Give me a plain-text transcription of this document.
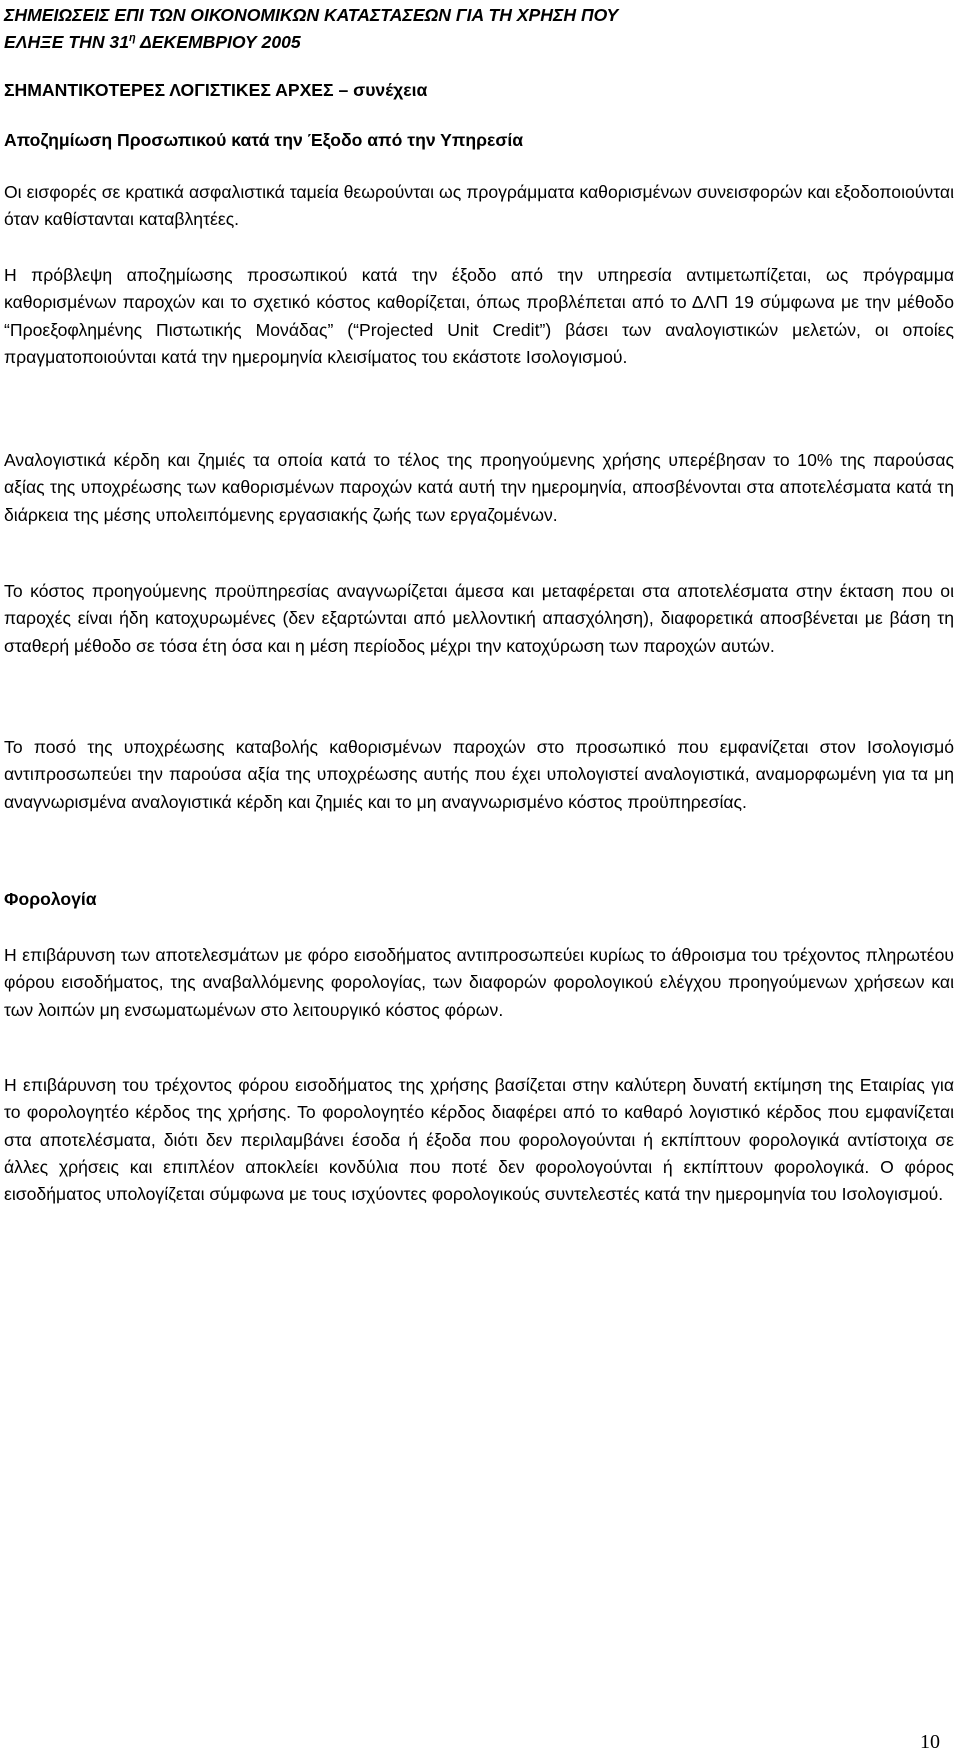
ΣΗΜΕΙΩΣΕΙΣ ΕΠΙ ΤΩΝ ΟΙΚΟΝΟΜΙΚΩΝ ΚΑΤΑΣΤΑΣΕΩΝ ΓΙΑ ΤΗ ΧΡΗΣΗ ΠΟΥ
ΕΛΗΞΕ ΤΗΝ $31^\eta$ ΔΕΚΕΜΒΡΙΟΥ 2005

ΣΗΜΑΝΤΙΚΟΤΕΡΕΣ ΛΟΓΙΣΤΙΚΕΣ ΑΡΧΕΣ – συνέχεια

Αποζημίωση Προσωπικού κατά την Έξοδο από την Υπηρεσία

Οι εισφορές σε κρατικά ασφαλιστικά ταμεία θεωρούνται ως προγράμματα καθορισμένων συνεισφορών και εξοδοποιούνται όταν καθίστανται καταβλητέες.

Η πρόβλεψη αποζημίωσης προσωπικού κατά την έξοδο από την υπηρεσία αντιμετωπίζεται, ως πρόγραμμα καθορισμένων παροχών και το σχετικό κόστος καθορίζεται, όπως προβλέπεται από το ΔΛΠ 19 σύμφωνα με την μέθοδο “Προεξοφλημένης Πιστωτικής Μονάδας” (“Projected Unit Credit”) βάσει των αναλογιστικών μελετών, οι οποίες πραγματοποιούνται κατά την ημερομηνία κλεισίματος του εκάστοτε Ισολογισμού.

Αναλογιστικά κέρδη και ζημιές τα οποία κατά το τέλος της προηγούμενης χρήσης υπερέβησαν το 10% της παρούσας αξίας της υποχρέωσης των καθορισμένων παροχών κατά αυτή την ημερομηνία, αποσβένονται στα αποτελέσματα κατά τη διάρκεια της μέσης υπολειπόμενης εργασιακής ζωής των εργαζομένων.

Το κόστος προηγούμενης προϋπηρεσίας αναγνωρίζεται άμεσα και μεταφέρεται στα αποτελέσματα στην έκταση που οι παροχές είναι ήδη κατοχυρωμένες (δεν εξαρτώνται από μελλοντική απασχόληση), διαφορετικά αποσβένεται με βάση τη σταθερή μέθοδο σε τόσα έτη όσα και η μέση περίοδος μέχρι την κατοχύρωση των παροχών αυτών.

Το ποσό της υποχρέωσης καταβολής καθορισμένων παροχών στο προσωπικό που εμφανίζεται στον Ισολογισμό αντιπροσωπεύει την παρούσα αξία της υποχρέωσης αυτής που έχει υπολογιστεί αναλογιστικά, αναμορφωμένη για τα μη αναγνωρισμένα αναλογιστικά κέρδη και ζημιές και το μη αναγνωρισμένο κόστος προϋπηρεσίας.

Φορολογία

Η επιβάρυνση των αποτελεσμάτων με φόρο εισοδήματος αντιπροσωπεύει κυρίως το άθροισμα του τρέχοντος πληρωτέου φόρου εισοδήματος, της αναβαλλόμενης φορολογίας, των διαφορών φορολογικού ελέγχου προηγούμενων χρήσεων και των λοιπών μη ενσωματωμένων στο λειτουργικό κόστος φόρων.

Η επιβάρυνση του τρέχοντος φόρου εισοδήματος της χρήσης βασίζεται στην καλύτερη δυνατή εκτίμηση της Εταιρίας για το φορολογητέο κέρδος της χρήσης. Το φορολογητέο κέρδος διαφέρει από το καθαρό λογιστικό κέρδος που εμφανίζεται στα αποτελέσματα, διότι δεν περιλαμβάνει έσοδα ή έξοδα που φορολογούνται ή εκπίπτουν φορολογικά αντίστοιχα σε άλλες χρήσεις και επιπλέον αποκλείει κονδύλια που ποτέ δεν φορολογούνται ή εκπίπτουν φορολογικά. Ο φόρος εισοδήματος υπολογίζεται σύμφωνα με τους ισχύοντες φορολογικούς συντελεστές κατά την ημερομηνία του Ισολογισμού.

10
